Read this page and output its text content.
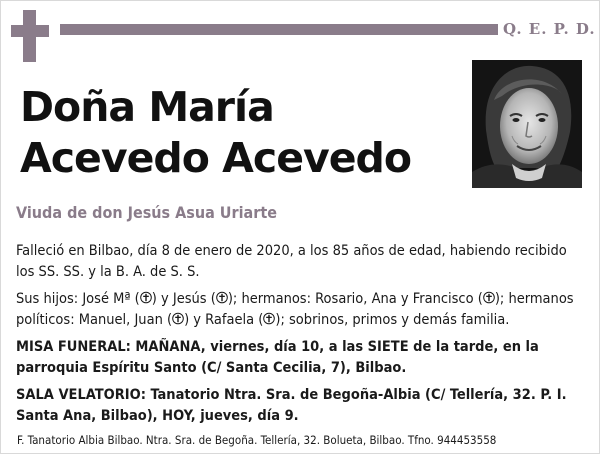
Q. E. P. D.
Doña María
Acevedo Acevedo
Viuda de don Jesús Asua Uriarte

Falleció en Bilbao, día 8 de enero de 2020, a los 85 años de edad, habiendo recibido los SS. SS. y la B. A. de S. S.

Sus hijos: José Mª ( ) y Jesús ( ); hermanos: Rosario, Ana y Francisco ( ); hermanos políticos: Manuel, Juan ( ) y Rafaela ( ); sobrinos, primos y demás familia.

MISA FUNERAL: MAÑANA, viernes, día 10, a las SIETE de la tarde, en la parroquia Espíritu Santo (C/ Santa Cecilia, 7), Bilbao.

SALA VELATORIO: Tanatorio Ntra. Sra. de Begoña-Albia (C/ Tellería, 32. P. I. Santa Ana, Bilbao), HOY, jueves, día 9.

F. Tanatorio Albia Bilbao. Ntra. Sra. de Begoña. Tellería, 32. Bolueta, Bilbao. Tfno. 944453558
